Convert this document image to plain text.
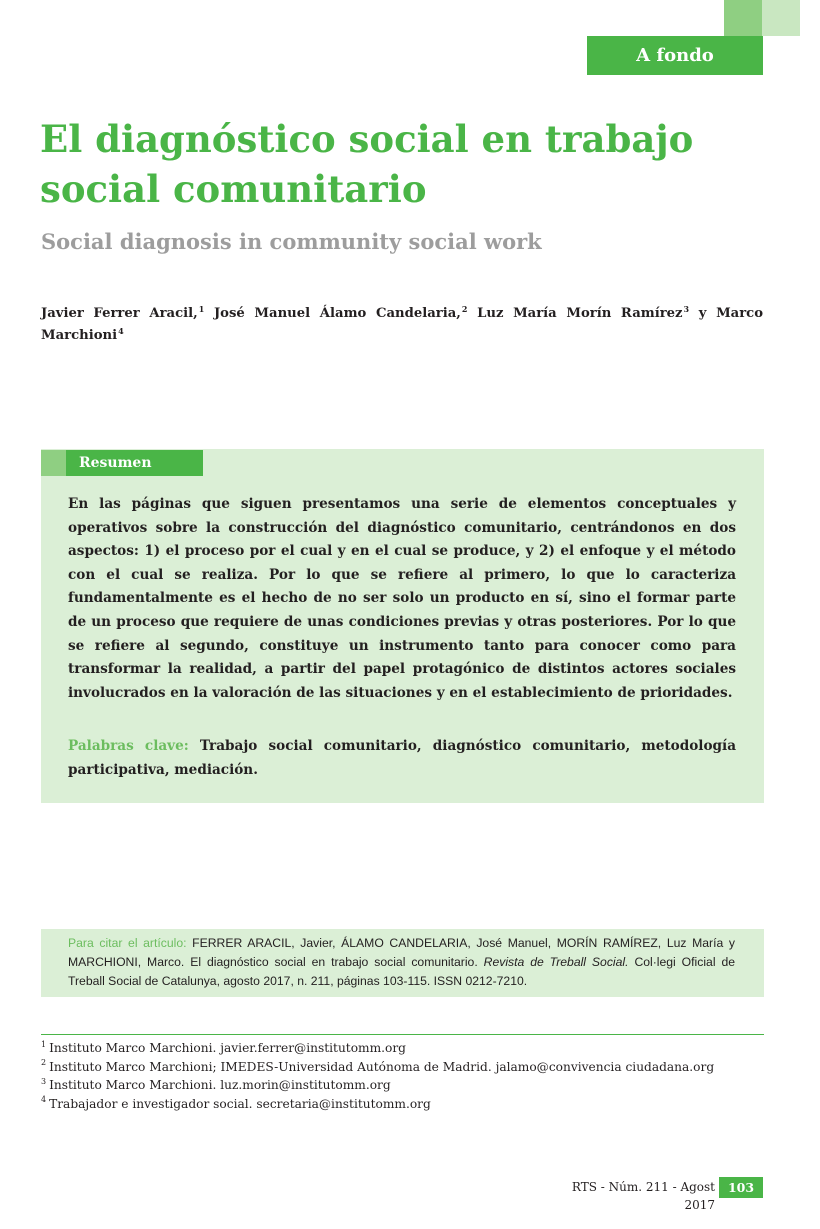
A fondo
El diagnóstico social en trabajo social comunitario
Social diagnosis in community social work

Javier Ferrer Aracil,$^1$ José Manuel Álamo Candelaria,$^2$ Luz María Morín Ramírez$^3$ y Marco Marchioni$^4$

Resumen

En las páginas que siguen presentamos una serie de elementos conceptuales y operativos sobre la construcción del diagnóstico comunitario, centrándonos en dos aspectos: 1) el proceso por el cual y en el cual se produce, y 2) el enfoque y el método con el cual se realiza. Por lo que se refiere al primero, lo que lo caracteriza fundamentalmente es el hecho de no ser solo un producto en sí, sino el formar parte de un proceso que requiere de unas condiciones previas y otras posteriores. Por lo que se refiere al segundo, constituye un instrumento tanto para conocer como para transformar la realidad, a partir del papel protagónico de distintos actores sociales involucrados en la valoración de las situaciones y en el establecimiento de prioridades.

Palabras clave: Trabajo social comunitario, diagnóstico comunitario, metodología participativa, mediación.

Para citar el artículo: FERRER ARACIL, Javier, ÁLAMO CANDELARIA, José Manuel, MORÍN RAMÍREZ, Luz María y MARCHIONI, Marco. El diagnóstico social en trabajo social comunitario. Revista de Treball Social. Col·legi Oficial de Treball Social de Catalunya, agosto 2017, n. 211, páginas 103-115. ISSN 0212-7210.

$^1$ Instituto Marco Marchioni. javier.ferrer@institutomm.org
$^2$ Instituto Marco Marchioni; IMEDES-Universidad Autónoma de Madrid. jalamo@convivencia ciudadana.org
$^3$ Instituto Marco Marchioni. luz.morin@institutomm.org
$^4$ Trabajador e investigador social. secretaria@institutomm.org
RTS - Núm. 211 - Agost 2017
103
